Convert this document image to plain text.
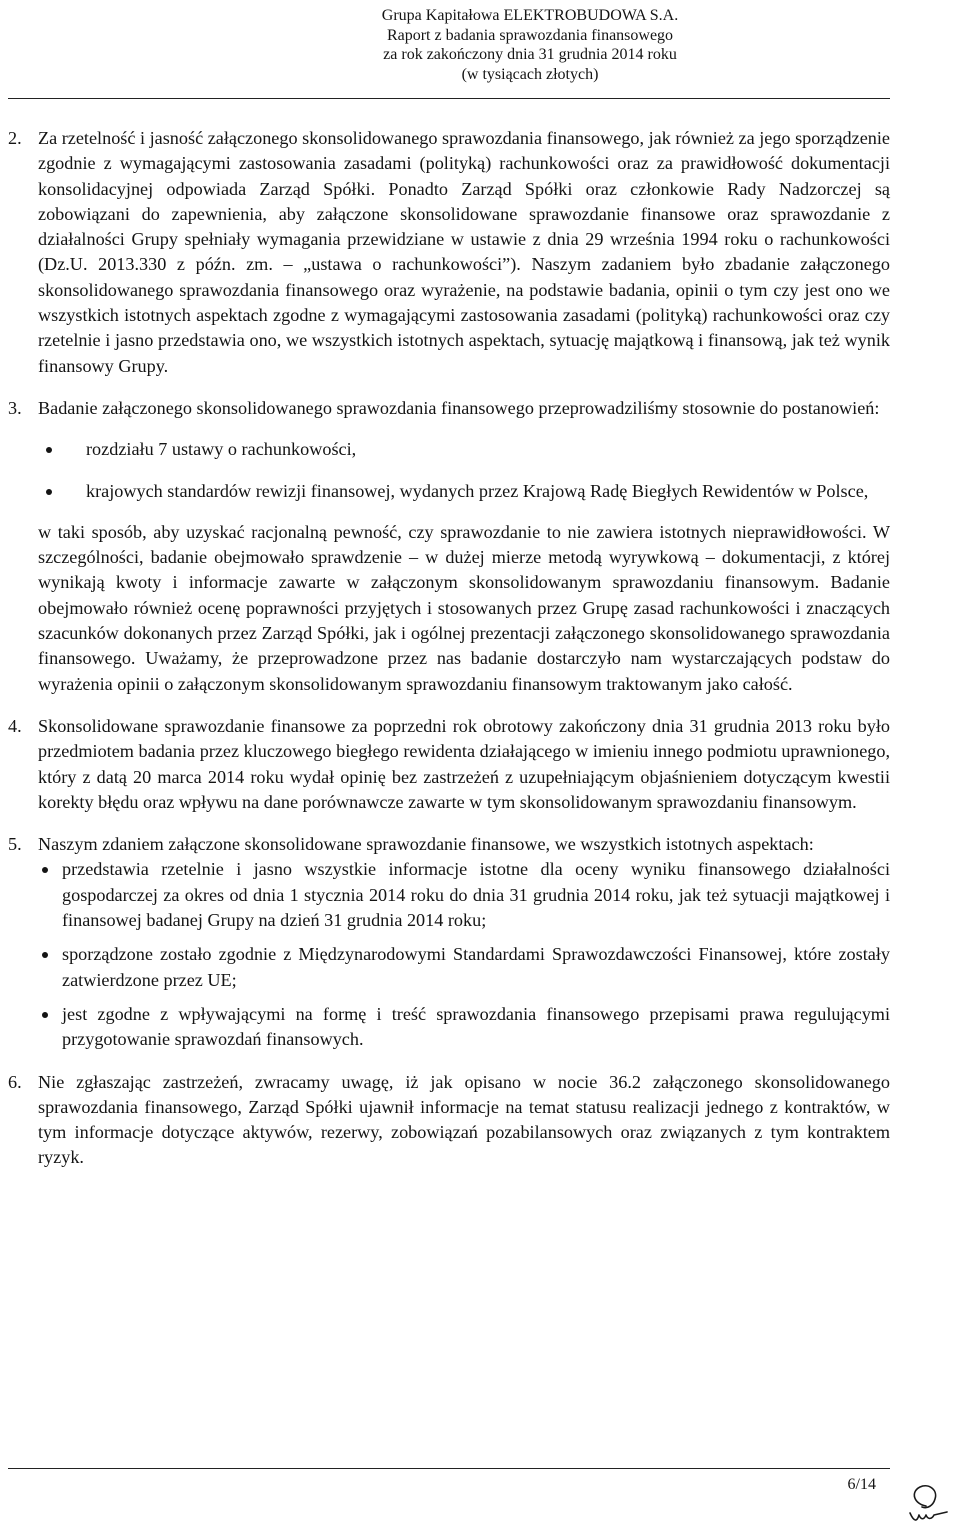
Grupa Kapitałowa ELEKTROBUDOWA S.A.
Raport z badania sprawozdania finansowego
za rok zakończony dnia 31 grudnia 2014 roku
(w tysiącach złotych)
2. Za rzetelność i jasność załączonego skonsolidowanego sprawozdania finansowego, jak również za jego sporządzenie zgodnie z wymagającymi zastosowania zasadami (polityką) rachunkowości oraz za prawidłowość dokumentacji konsolidacyjnej odpowiada Zarząd Spółki. Ponadto Zarząd Spółki oraz członkowie Rady Nadzorczej są zobowiązani do zapewnienia, aby załączone skonsolidowane sprawozdanie finansowe oraz sprawozdanie z działalności Grupy spełniały wymagania przewidziane w ustawie z dnia 29 września 1994 roku o rachunkowości (Dz.U. 2013.330 z późn. zm. – „ustawa o rachunkowości”). Naszym zadaniem było zbadanie załączonego skonsolidowanego sprawozdania finansowego oraz wyrażenie, na podstawie badania, opinii o tym czy jest ono we wszystkich istotnych aspektach zgodne z wymagającymi zastosowania zasadami (polityką) rachunkowości oraz czy rzetelnie i jasno przedstawia ono, we wszystkich istotnych aspektach, sytuację majątkową i finansową, jak też wynik finansowy Grupy.

3. Badanie załączonego skonsolidowanego sprawozdania finansowego przeprowadziliśmy stosownie do postanowień:

rozdziału 7 ustawy o rachunkowości,
krajowych standardów rewizji finansowej, wydanych przez Krajową Radę Biegłych Rewidentów w Polsce,

w taki sposób, aby uzyskać racjonalną pewność, czy sprawozdanie to nie zawiera istotnych nieprawidłowości. W szczególności, badanie obejmowało sprawdzenie – w dużej mierze metodą wyrywkową – dokumentacji, z której wynikają kwoty i informacje zawarte w załączonym skonsolidowanym sprawozdaniu finansowym. Badanie obejmowało również ocenę poprawności przyjętych i stosowanych przez Grupę zasad rachunkowości i znaczących szacunków dokonanych przez Zarząd Spółki, jak i ogólnej prezentacji załączonego skonsolidowanego sprawozdania finansowego. Uważamy, że przeprowadzone przez nas badanie dostarczyło nam wystarczających podstaw do wyrażenia opinii o załączonym skonsolidowanym sprawozdaniu finansowym traktowanym jako całość.

4. Skonsolidowane sprawozdanie finansowe za poprzedni rok obrotowy zakończony dnia 31 grudnia 2013 roku było przedmiotem badania przez kluczowego biegłego rewidenta działającego w imieniu innego podmiotu uprawnionego, który z datą 20 marca 2014 roku wydał opinię bez zastrzeżeń z uzupełniającym objaśnieniem dotyczącym kwestii korekty błędu oraz wpływu na dane porównawcze zawarte w tym skonsolidowanym sprawozdaniu finansowym.

5. Naszym zdaniem załączone skonsolidowane sprawozdanie finansowe, we wszystkich istotnych aspektach:

przedstawia rzetelnie i jasno wszystkie informacje istotne dla oceny wyniku finansowego działalności gospodarczej za okres od dnia 1 stycznia 2014 roku do dnia 31 grudnia 2014 roku, jak też sytuacji majątkowej i finansowej badanej Grupy na dzień 31 grudnia 2014 roku;
sporządzone zostało zgodnie z Międzynarodowymi Standardami Sprawozdawczości Finansowej, które zostały zatwierdzone przez UE;
jest zgodne z wpływającymi na formę i treść sprawozdania finansowego przepisami prawa regulującymi przygotowanie sprawozdań finansowych.
6. Nie zgłaszając zastrzeżeń, zwracamy uwagę, iż jak opisano w nocie 36.2 załączonego skonsolidowanego sprawozdania finansowego, Zarząd Spółki ujawnił informacje na temat statusu realizacji jednego z kontraktów, w tym informacje dotyczące aktywów, rezerwy, zobowiązań pozabilansowych oraz związanych z tym kontraktem ryzyk.

6/14
